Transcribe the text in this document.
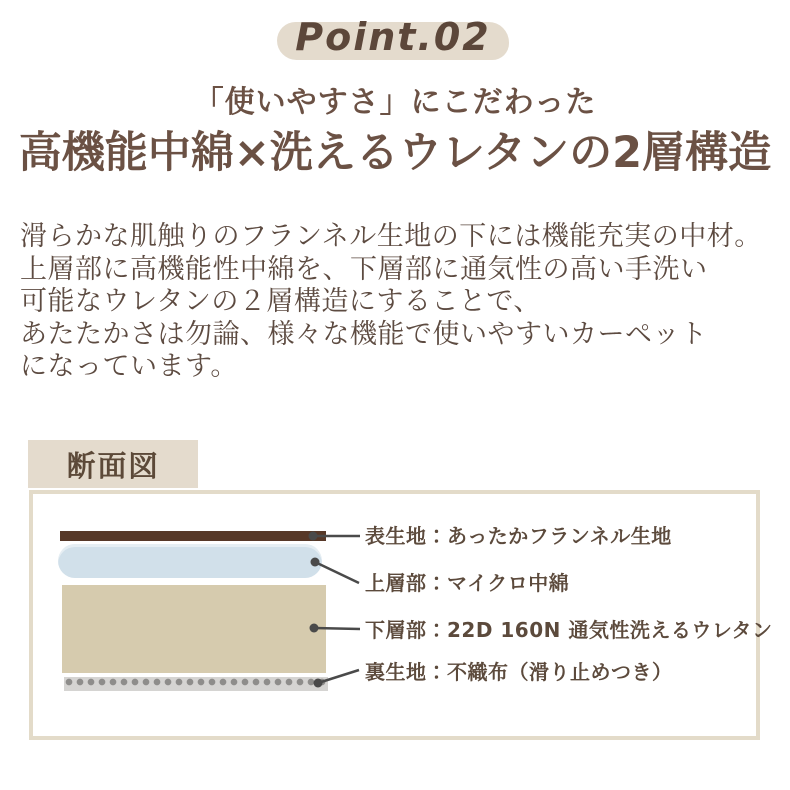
Point.02
「使いやすさ」にこだわった
高機能中綿×洗えるウレタンの2層構造
滑らかな肌触りのフランネル生地の下には機能充実の中材。
上層部に高機能性中綿を、下層部に通気性の高い手洗い
可能なウレタンの２層構造にすることで、
あたたかさは勿論、様々な機能で使いやすいカーペット
になっています。
断面図
表生地：あったかフランネル生地
上層部：マイクロ中綿
下層部：22D 160N 通気性洗えるウレタン
裏生地：不織布（滑り止めつき）
